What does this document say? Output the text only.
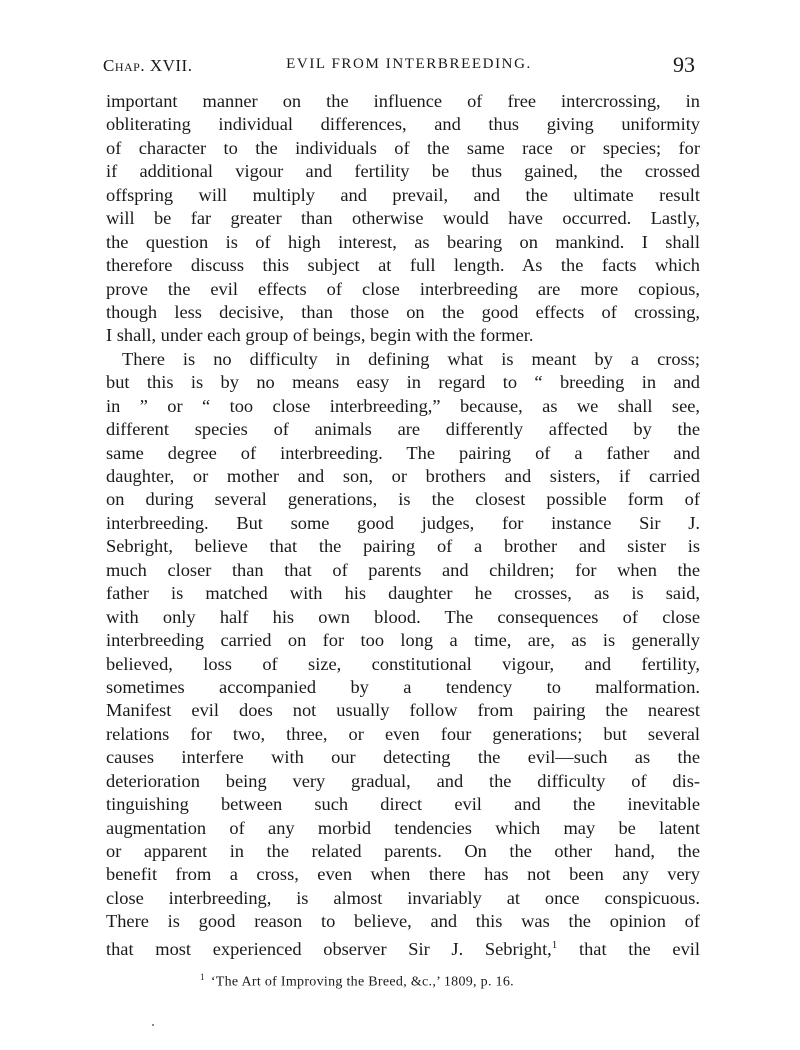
Chap. XVII.	EVIL FROM INTERBREEDING.	93
important manner on the influence of free intercrossing, in
obliterating individual differences, and thus giving uniformity
of character to the individuals of the same race or species; for
if additional vigour and fertility be thus gained, the crossed
offspring will multiply and prevail, and the ultimate result
will be far greater than otherwise would have occurred. Lastly,
the question is of high interest, as bearing on mankind. I shall
therefore discuss this subject at full length. As the facts which
prove the evil effects of close interbreeding are more copious,
though less decisive, than those on the good effects of crossing,
I shall, under each group of beings, begin with the former.
There is no difficulty in defining what is meant by a cross;
but this is by no means easy in regard to “ breeding in and
in ” or “ too close interbreeding,” because, as we shall see,
different species of animals are differently affected by the
same degree of interbreeding. The pairing of a father and
daughter, or mother and son, or brothers and sisters, if carried
on during several generations, is the closest possible form of
interbreeding. But some good judges, for instance Sir J.
Sebright, believe that the pairing of a brother and sister is
much closer than that of parents and children; for when the
father is matched with his daughter he crosses, as is said,
with only half his own blood. The consequences of close
interbreeding carried on for too long a time, are, as is generally
believed, loss of size, constitutional vigour, and fertility,
sometimes accompanied by a tendency to malformation.
Manifest evil does not usually follow from pairing the nearest
relations for two, three, or even four generations; but several
causes interfere with our detecting the evil—such as the
deterioration being very gradual, and the difficulty of dis-
tinguishing between such direct evil and the inevitable
augmentation of any morbid tendencies which may be latent
or apparent in the related parents. On the other hand, the
benefit from a cross, even when there has not been any very
close interbreeding, is almost invariably at once conspicuous.
There is good reason to believe, and this was the opinion of
that most experienced observer Sir J. Sebright,$^1$ that the evil
$^1$ ‘The Art of Improving the Breed, &c.,’ 1809, p. 16.
